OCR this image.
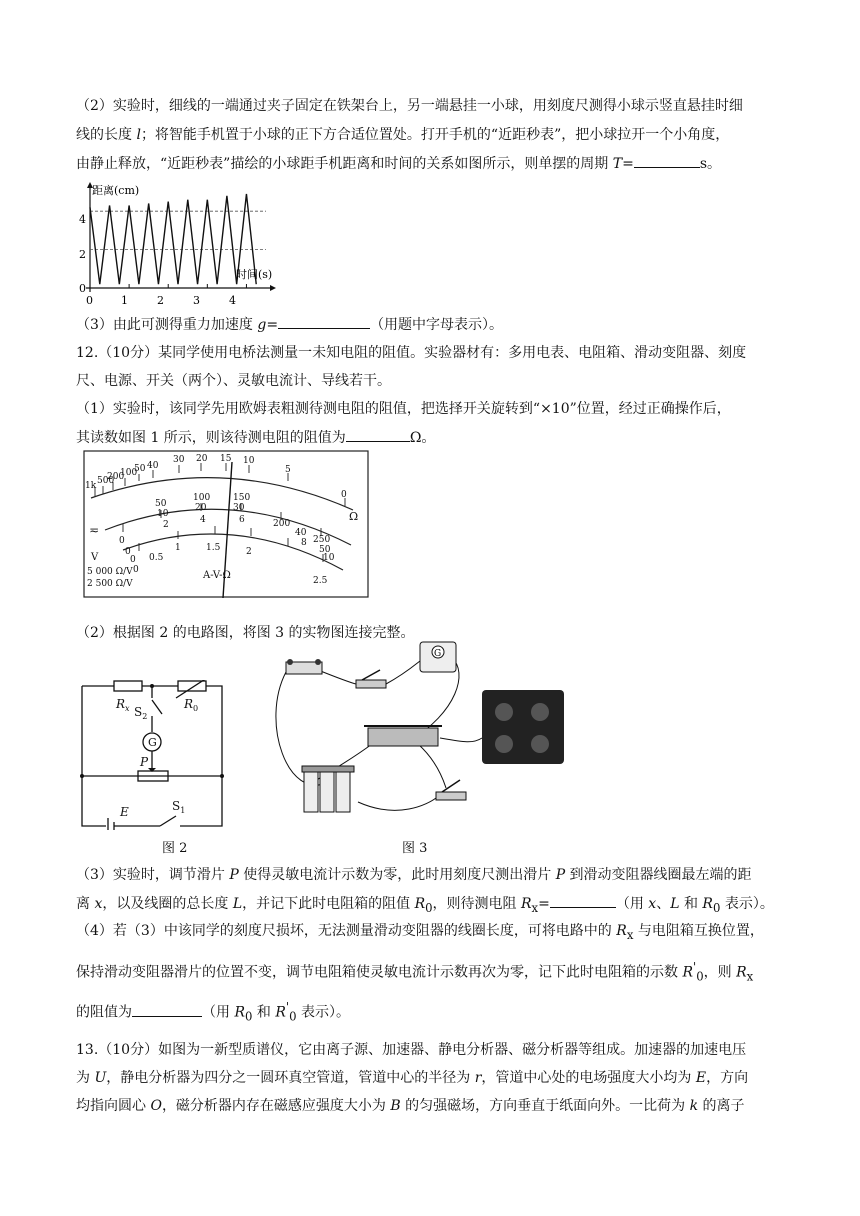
（2）实验时，细线的一端通过夹子固定在铁架台上，另一端悬挂一小球，用刻度尺测得小球示竖直悬挂时细
线的长度 l；将智能手机置于小球的正下方合适位置处。打开手机的“近距秒表”，把小球拉开一个小角度，
由静止释放，“近距秒表”描绘的小球距手机距离和时间的关系如图所示，则单摆的周期 T=	s。
距离(cm)
时间(s)
0
2
4
0	1	2	3	4
（3）由此可测得重力加速度 g=	（用题中字母表示）。
12.（10分）某同学使用电桥法测量一未知电阻的阻值。实验器材有：多用电表、电阻箱、滑动变阻器、刻度
尺、电源、开关（两个）、灵敏电流计、导线若干。
（1）实验时，该同学先用欧姆表粗测待测电阻的阻值，把选择开关旋转到“×10”位置，经过正确操作后，
其读数如图 1 所示，则该待测电阻的阻值为	Ω。
1k 500
200
100
50 40
30 20 15 10
5
0
Ω
0
50
100	150
200
250
0
10
20	30
40
50
0
2	4	6
8
10
0
0.5
1	1.5	2
2.5
≂
V
5 000 Ω/V
2 500 Ω/V
A-V-Ω
（2）根据图 2 的电路图，将图 3 的实物图连接完整。
$R_x$	$R_0$
$S_2$
G
P
E	$S_1$
G
图 2	图 3
（3）实验时，调节滑片 P 使得灵敏电流计示数为零，此时用刻度尺测出滑片 P 到滑动变阻器线圈最左端的距
离 x，以及线圈的总长度 L，并记下此时电阻箱的阻值 $R_0$，则待测电阻 $R_x=$	（用 x、L 和 $R_0$ 表示）。
（4）若（3）中该同学的刻度尺损坏，无法测量滑动变阻器的线圈长度，可将电路中的 $R_x$ 与电阻箱互换位置，
保持滑动变阻器滑片的位置不变，调节电阻箱使灵敏电流计示数再次为零，记下此时电阻箱的示数 $R'_0$，则 $R_x$
的阻值为	（用 $R_0$ 和 $R'_0$ 表示）。
13.（10分）如图为一新型质谱仪，它由离子源、加速器、静电分析器、磁分析器等组成。加速器的加速电压
为 U，静电分析器为四分之一圆环真空管道，管道中心的半径为 r，管道中心处的电场强度大小均为 E，方向
均指向圆心 O，磁分析器内存在磁感应强度大小为 B 的匀强磁场，方向垂直于纸面向外。一比荷为 k 的离子
